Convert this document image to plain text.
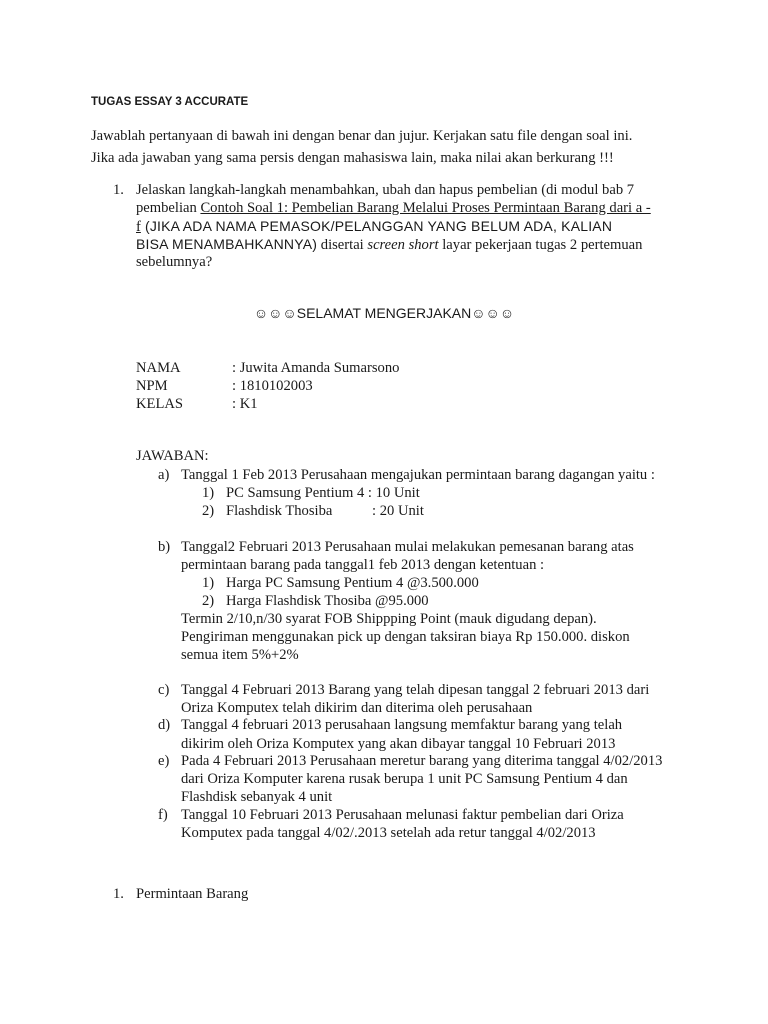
TUGAS ESSAY 3 ACCURATE
Jawablah pertanyaan di bawah ini dengan benar dan jujur. Kerjakan satu file dengan soal ini.
Jika ada jawaban yang sama persis dengan mahasiswa lain, maka nilai akan berkurang !!!
1. Jelaskan langkah-langkah menambahkan, ubah dan hapus pembelian (di modul bab 7
pembelian Contoh Soal 1: Pembelian Barang Melalui Proses Permintaan Barang dari a -
f (JIKA ADA NAMA PEMASOK/PELANGGAN YANG BELUM ADA, KALIAN
BISA MENAMBAHKANNYA) disertai screen short layar pekerjaan tugas 2 pertemuan
sebelumnya?
☺☺☺SELAMAT MENGERJAKAN☺☺☺
NAMA	: Juwita Amanda Sumarsono
NPM	: 1810102003
KELAS	: K1
JAWABAN:
a) Tanggal 1 Feb 2013 Perusahaan mengajukan permintaan barang dagangan yaitu :
1) PC Samsung Pentium 4 : 10 Unit
2) Flashdisk Thosiba	: 20 Unit
b) Tanggal2 Februari 2013 Perusahaan mulai melakukan pemesanan barang atas
permintaan barang pada tanggal1 feb 2013 dengan ketentuan :
1) Harga PC Samsung Pentium 4 @3.500.000
2) Harga Flashdisk Thosiba @95.000
Termin 2/10,n/30 syarat FOB Shippping Point (mauk digudang depan).
Pengiriman menggunakan pick up dengan taksiran biaya Rp 150.000. diskon
semua item 5%+2%
c) Tanggal 4 Februari 2013 Barang yang telah dipesan tanggal 2 februari 2013 dari
Oriza Komputex telah dikirim dan diterima oleh perusahaan
d) Tanggal 4 februari 2013 perusahaan langsung memfaktur barang yang telah
dikirim oleh Oriza Komputex yang akan dibayar tanggal 10 Februari 2013
e) Pada 4 Februari 2013 Perusahaan meretur barang yang diterima tanggal 4/02/2013
dari Oriza Komputer karena rusak berupa 1 unit PC Samsung Pentium 4 dan
Flashdisk sebanyak 4 unit
f) Tanggal 10 Februari 2013 Perusahaan melunasi faktur pembelian dari Oriza
Komputex pada tanggal 4/02/.2013 setelah ada retur tanggal 4/02/2013
1. Permintaan Barang
